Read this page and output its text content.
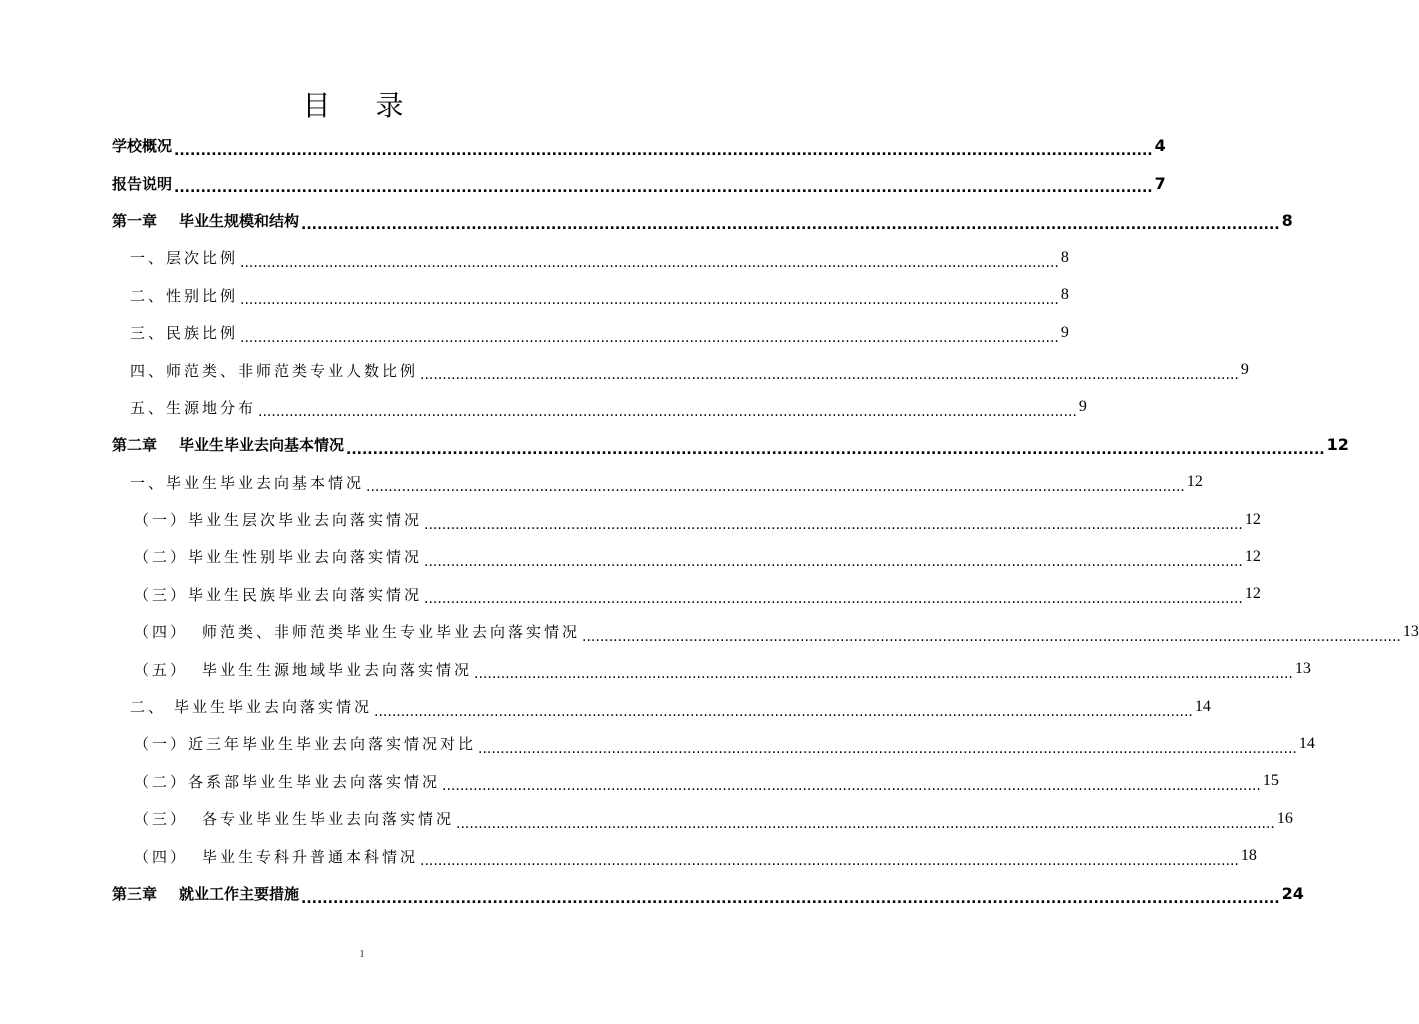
目 录
学校概况 ........................................................................................................................................................................................ 4
报告说明 ........................................................................................................................................................................................ 7
第一章 毕业生规模和结构 ........................................................................................................................................................................................ 8
一、层次比例 ........................................................................................................................................................................................ 8
二、性别比例 ........................................................................................................................................................................................ 8
三、民族比例 ........................................................................................................................................................................................ 9
四、师范类、非师范类专业人数比例 ........................................................................................................................................................................................ 9
五、生源地分布 ........................................................................................................................................................................................ 9
第二章 毕业生毕业去向基本情况 ........................................................................................................................................................................................ 12
一、毕业生毕业去向基本情况 ........................................................................................................................................................................................ 12
（一）毕业生层次毕业去向落实情况 ........................................................................................................................................................................................ 12
（二）毕业生性别毕业去向落实情况 ........................................................................................................................................................................................ 12
（三）毕业生民族毕业去向落实情况 ........................................................................................................................................................................................ 12
（四） 师范类、非师范类毕业生专业毕业去向落实情况 ........................................................................................................................................................................................ 13
（五） 毕业生生源地域毕业去向落实情况 ........................................................................................................................................................................................ 13
二、 毕业生毕业去向落实情况 ........................................................................................................................................................................................ 14
（一）近三年毕业生毕业去向落实情况对比 ........................................................................................................................................................................................ 14
（二）各系部毕业生毕业去向落实情况 ........................................................................................................................................................................................ 15
（三） 各专业毕业生毕业去向落实情况 ........................................................................................................................................................................................ 16
（四） 毕业生专科升普通本科情况 ........................................................................................................................................................................................ 18
第三章 就业工作主要措施 ........................................................................................................................................................................................ 24
1
